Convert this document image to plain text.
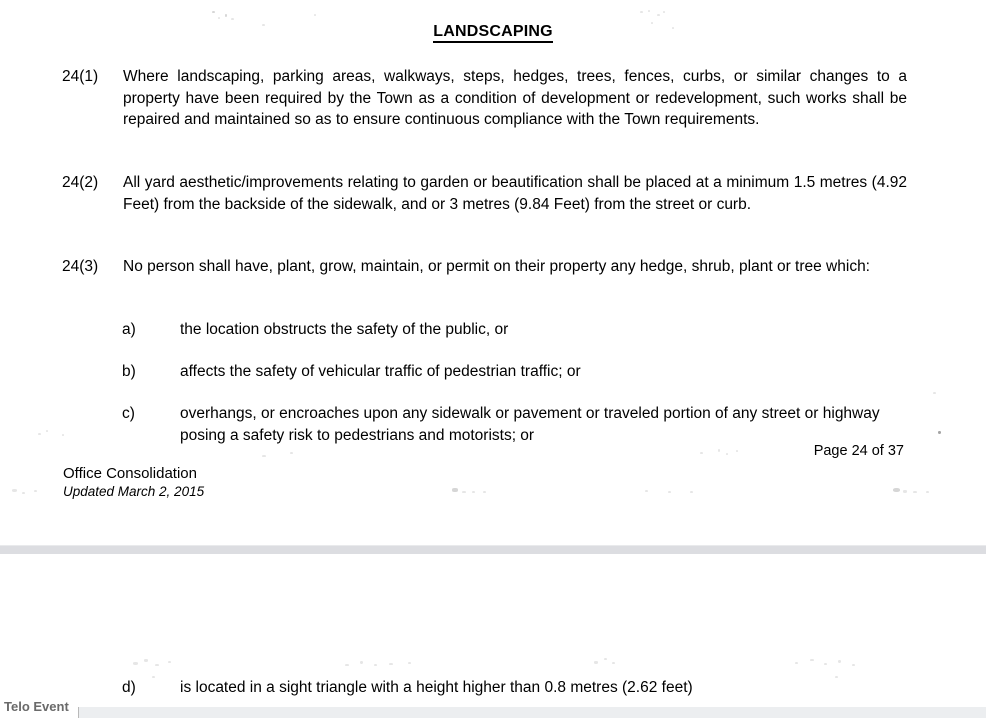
LANDSCAPING
24(1)	Where landscaping, parking areas, walkways, steps, hedges, trees, fences, curbs, or similar changes to a property have been required by the Town as a condition of development or redevelopment, such works shall be repaired and maintained so as to ensure continuous compliance with the Town requirements.
24(2)	All yard aesthetic/improvements relating to garden or beautification shall be placed at a minimum 1.5 metres (4.92 Feet) from the backside of the sidewalk, and or 3 metres (9.84 Feet) from the street or curb.
24(3)	No person shall have, plant, grow, maintain, or permit on their property any hedge, shrub, plant or tree which:
a)	the location obstructs the safety of the public, or
b)	affects the safety of vehicular traffic of pedestrian traffic; or
c)	overhangs, or encroaches upon any sidewalk or pavement or traveled portion of any street or highway posing a safety risk to pedestrians and motorists; or
Page 24 of 37
Office Consolidation
Updated March 2, 2015
d)	is located in a sight triangle with a height higher than 0.8 metres (2.62 feet)
Telo Event
